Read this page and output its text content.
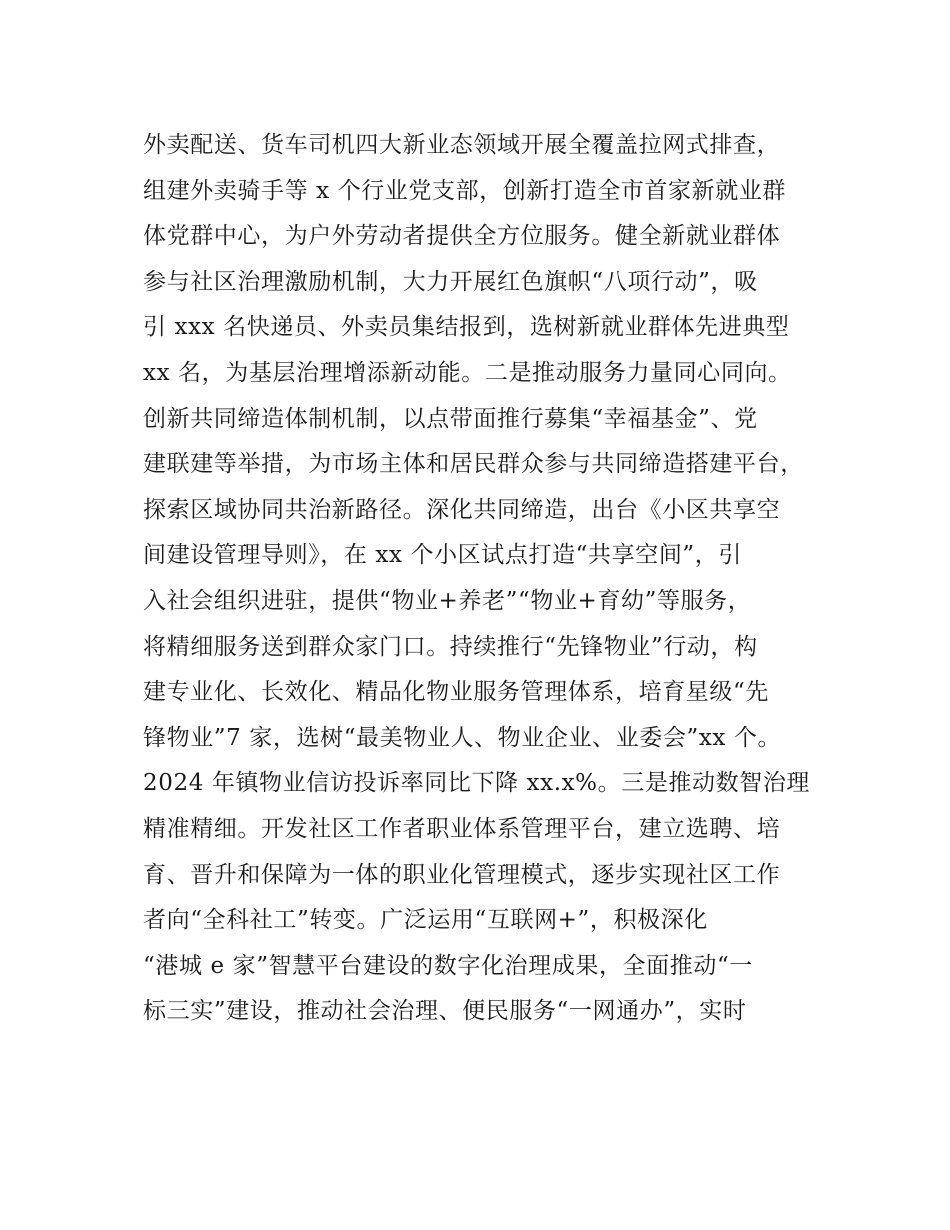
外卖配送、货车司机四大新业态领域开展全覆盖拉网式排查，
组建外卖骑手等 x 个行业党支部，创新打造全市首家新就业群
体党群中心，为户外劳动者提供全方位服务。健全新就业群体
参与社区治理激励机制，大力开展红色旗帜“八项行动”，吸
引 xxx 名快递员、外卖员集结报到，选树新就业群体先进典型
xx 名，为基层治理增添新动能。二是推动服务力量同心同向。
创新共同缔造体制机制，以点带面推行募集“幸福基金”、党
建联建等举措，为市场主体和居民群众参与共同缔造搭建平台，
探索区域协同共治新路径。深化共同缔造，出台《小区共享空
间建设管理导则》，在 xx 个小区试点打造“共享空间”，引
入社会组织进驻，提供“物业+养老”“物业+育幼”等服务，
将精细服务送到群众家门口。持续推行“先锋物业”行动，构
建专业化、长效化、精品化物业服务管理体系，培育星级“先
锋物业”7 家，选树“最美物业人、物业企业、业委会”xx 个。
2024 年镇物业信访投诉率同比下降 xx.x%。三是推动数智治理
精准精细。开发社区工作者职业体系管理平台，建立选聘、培
育、晋升和保障为一体的职业化管理模式，逐步实现社区工作
者向“全科社工”转变。广泛运用“互联网+”，积极深化
“港城 e 家”智慧平台建设的数字化治理成果，全面推动“一
标三实”建设，推动社会治理、便民服务“一网通办”，实时
